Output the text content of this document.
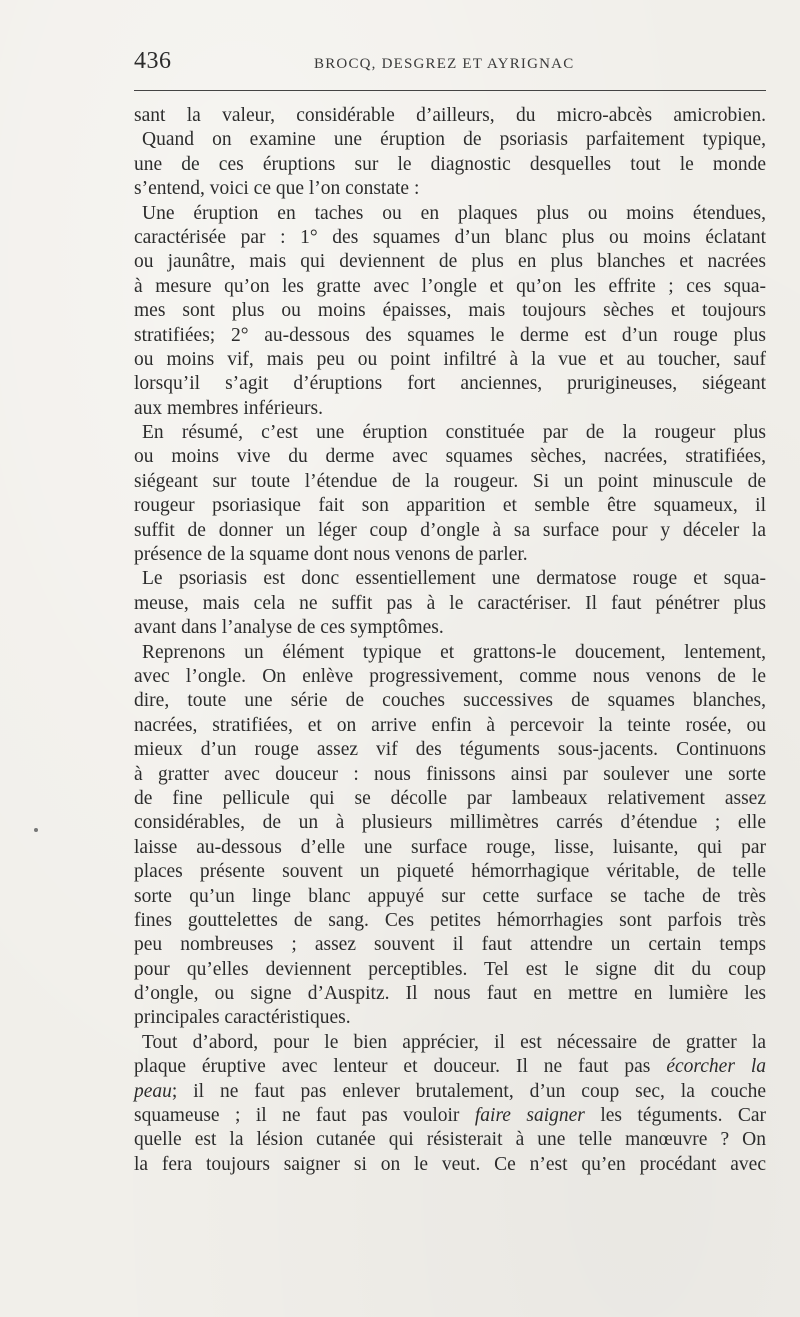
436	BROCQ, DESGREZ ET AYRIGNAC
sant la valeur, considérable d’ailleurs, du micro-abcès amicrobien.
Quand on examine une éruption de psoriasis parfaitement typique,
une de ces éruptions sur le diagnostic desquelles tout le monde
s’entend, voici ce que l’on constate :
Une éruption en taches ou en plaques plus ou moins étendues,
caractérisée par : 1° des squames d’un blanc plus ou moins éclatant
ou jaunâtre, mais qui deviennent de plus en plus blanches et nacrées
à mesure qu’on les gratte avec l’ongle et qu’on les effrite ; ces squa-
mes sont plus ou moins épaisses, mais toujours sèches et toujours
stratifiées; 2° au-dessous des squames le derme est d’un rouge plus
ou moins vif, mais peu ou point infiltré à la vue et au toucher, sauf
lorsqu’il s’agit d’éruptions fort anciennes, prurigineuses, siégeant
aux membres inférieurs.
En résumé, c’est une éruption constituée par de la rougeur plus
ou moins vive du derme avec squames sèches, nacrées, stratifiées,
siégeant sur toute l’étendue de la rougeur. Si un point minuscule de
rougeur psoriasique fait son apparition et semble être squameux, il
suffit de donner un léger coup d’ongle à sa surface pour y déceler la
présence de la squame dont nous venons de parler.
Le psoriasis est donc essentiellement une dermatose rouge et squa-
meuse, mais cela ne suffit pas à le caractériser. Il faut pénétrer plus
avant dans l’analyse de ces symptômes.
Reprenons un élément typique et grattons-le doucement, lentement,
avec l’ongle. On enlève progressivement, comme nous venons de le
dire, toute une série de couches successives de squames blanches,
nacrées, stratifiées, et on arrive enfin à percevoir la teinte rosée, ou
mieux d’un rouge assez vif des téguments sous-jacents. Continuons
à gratter avec douceur : nous finissons ainsi par soulever une sorte
de fine pellicule qui se décolle par lambeaux relativement assez
considérables, de un à plusieurs millimètres carrés d’étendue ; elle
laisse au-dessous d’elle une surface rouge, lisse, luisante, qui par
places présente souvent un piqueté hémorrhagique véritable, de telle
sorte qu’un linge blanc appuyé sur cette surface se tache de très
fines gouttelettes de sang. Ces petites hémorrhagies sont parfois très
peu nombreuses ; assez souvent il faut attendre un certain temps
pour qu’elles deviennent perceptibles. Tel est le signe dit du coup
d’ongle, ou signe d’Auspitz. Il nous faut en mettre en lumière les
principales caractéristiques.
Tout d’abord, pour le bien apprécier, il est nécessaire de gratter la
plaque éruptive avec lenteur et douceur. Il ne faut pas écorcher la
peau; il ne faut pas enlever brutalement, d’un coup sec, la couche
squameuse ; il ne faut pas vouloir faire saigner les téguments. Car
quelle est la lésion cutanée qui résisterait à une telle manœuvre ? On
la fera toujours saigner si on le veut. Ce n’est qu’en procédant avec
